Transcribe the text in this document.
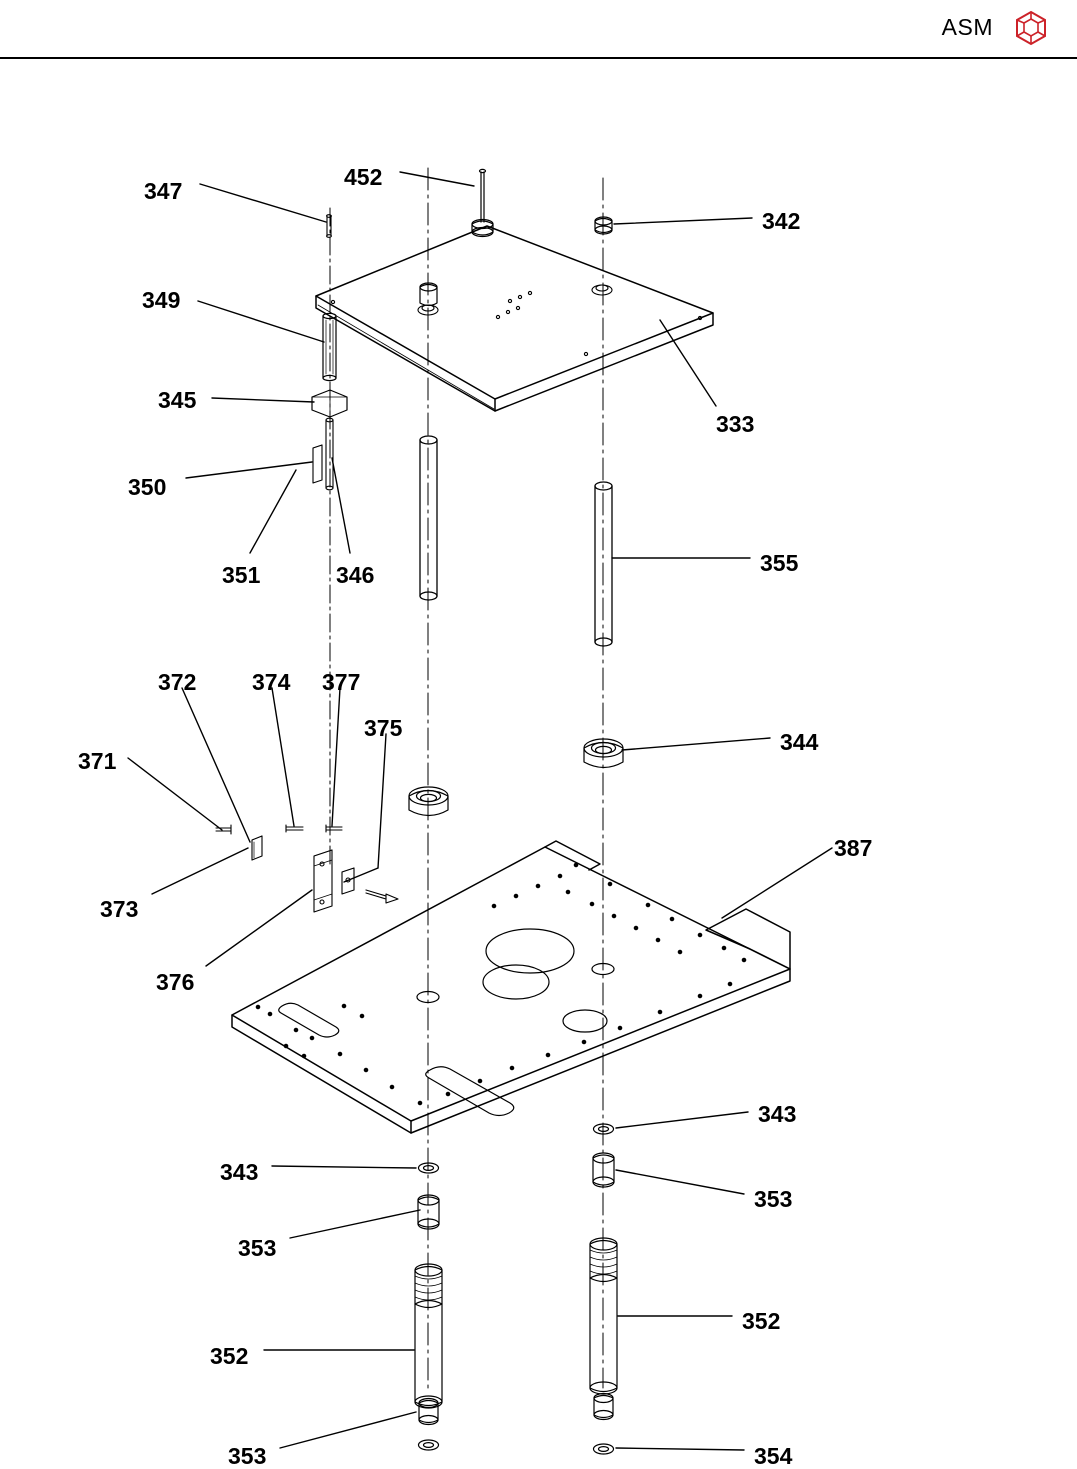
ASM
347
452
342
349
333
345
350
351	346	355
372 374 377
375
371
344
373
387
376
343
343
353
353
352
352
353	354
